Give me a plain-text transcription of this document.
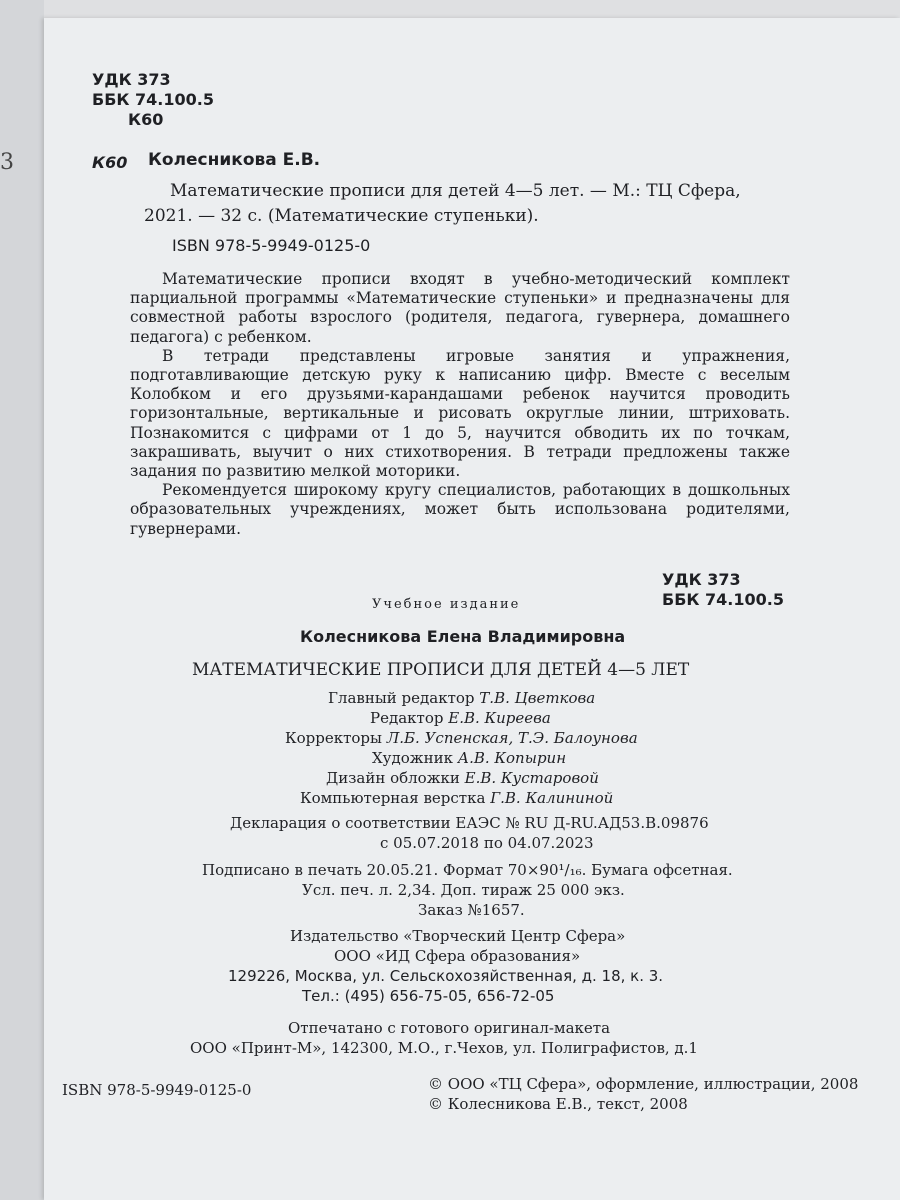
3
УДК 373
ББК 74.100.5
К60
К60 Колесникова Е.В.
Математические прописи для детей 4—5 лет. — М.: ТЦ Сфера,
2021. — 32 с. (Математические ступеньки).
ISBN 978-5-9949-0125-0

Математические прописи входят в учебно-методический комплект парциальной программы «Математические ступеньки» и предназначены для совместной работы взрослого (родителя, педагога, гувернера, домашнего педагога) с ребенком.

В тетради представлены игровые занятия и упражнения, подготавливающие детскую руку к написанию цифр. Вместе с веселым Колобком и его друзьями-карандашами ребенок научится проводить горизонтальные, вертикальные и рисовать округлые линии, штриховать. Познакомится с цифрами от 1 до 5, научится обводить их по точкам, закрашивать, выучит о них стихотворения. В тетради предложены также задания по развитию мелкой моторики.

Рекомендуется широкому кругу специалистов, работающих в дошкольных образовательных учреждениях, может быть использована родителями, гувернерами.

УДК 373
ББК 74.100.5
Учебное издание
Колесникова Елена Владимировна
МАТЕМАТИЧЕСКИЕ ПРОПИСИ ДЛЯ ДЕТЕЙ 4—5 ЛЕТ
Главный редактор Т.В. Цветкова
Редактор Е.В. Киреева
Корректоры Л.Б. Успенская, Т.Э. Балоунова
Художник А.В. Копырин
Дизайн обложки Е.В. Кустаровой
Компьютерная верстка Г.В. Калининой
Декларация о соответствии ЕАЭС № RU Д-RU.АД53.В.09876
с 05.07.2018 по 04.07.2023
Подписано в печать 20.05.21. Формат 70×90¹/₁₆. Бумага офсетная.
Усл. печ. л. 2,34. Доп. тираж 25 000 экз.
Заказ №1657.
Издательство «Творческий Центр Сфера»
ООО «ИД Сфера образования»
129226, Москва, ул. Сельскохозяйственная, д. 18, к. 3.
Тел.: (495) 656-75-05, 656-72-05
Отпечатано с готового оригинал-макета
ООО «Принт-М», 142300, М.О., г.Чехов, ул. Полиграфистов, д.1
ISBN 978-5-9949-0125-0	© ООО «ТЦ Сфера», оформление, иллюстрации, 2008
© Колесникова Е.В., текст, 2008
